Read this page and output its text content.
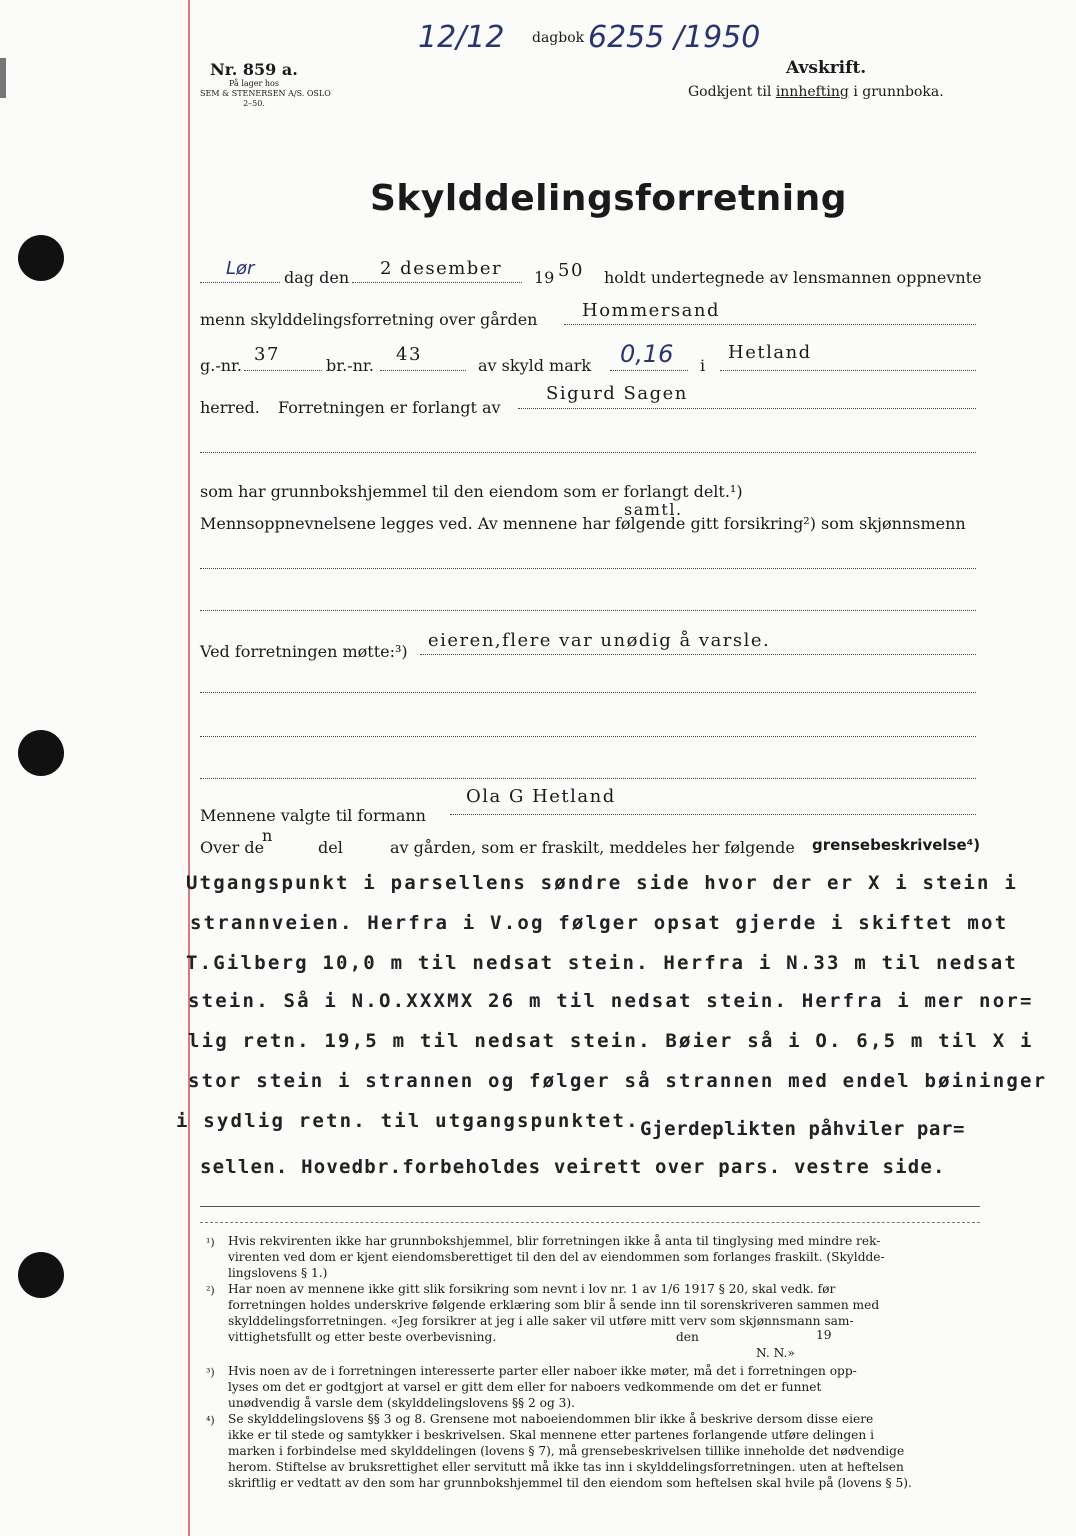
Nr. 859 a.
På lager hos
SEM & STENERSEN A/S. OSLO
2–50.
12/12 dagbok 6255 /1950
Avskrift.
Godkjent til innhefting i grunnboka.
Skylddelingsforretning
Lør dag den 2 desember 19 50 holdt undertegnede av lensmannen oppnevnte
menn skylddelingsforretning over gården Hommersand
g.-nr.
37
br.-nr.
43
av skyld mark 0,16 i
Hetland
herred. Forretningen er forlangt av
Sigurd Sagen
som har grunnbokshjemmel til den eiendom som er forlangt delt.¹)
samtl.
Mennsoppnevnelsene legges ved. Av mennene har følgende gitt forsikring²) som skjønnsmenn
Ved forretningen møtte:³)
eieren,flere var unødig å varsle.
Mennene valgte til formann
Ola G Hetland
Over de
n
del	av gården, som er fraskilt, meddeles her følgende grensebeskrivelse⁴)
Utgangspunkt i parsellens søndre side hvor der er X i stein i
strannveien. Herfra i V.og følger opsat gjerde i skiftet mot
T.Gilberg 10,0 m til nedsat stein. Herfra i N.33 m til nedsat
stein. Så i N.O.XXXMX 26 m til nedsat stein. Herfra i mer nor=
lig retn. 19,5 m til nedsat stein. Bøier så i O. 6,5 m til X i
stor stein i strannen og følger så strannen med endel bøininger
i sydlig retn. til utgangspunktet. Gjerdeplikten påhviler par=
sellen. Hovedbr.forbeholdes veirett over pars. vestre side.
¹) Hvis rekvirenten ikke har grunnbokshjemmel, blir forretningen ikke å anta til tinglysing med mindre rek-
virenten ved dom er kjent eiendomsberettiget til den del av eiendommen som forlanges fraskilt. (Skyldde-
lingslovens § 1.)
²) Har noen av mennene ikke gitt slik forsikring som nevnt i lov nr. 1 av 1/6 1917 § 20, skal vedk. før
forretningen holdes underskrive følgende erklæring som blir å sende inn til sorenskriveren sammen med
skylddelingsforretningen. «Jeg forsikrer at jeg i alle saker vil utføre mitt verv som skjønnsmann sam-
vittighetsfullt og etter beste overbevisning.	den	19
N. N.»
³) Hvis noen av de i forretningen interesserte parter eller naboer ikke møter, må det i forretningen opp-
lyses om det er godtgjort at varsel er gitt dem eller for naboers vedkommende om det er funnet
unødvendig å varsle dem (skylddelingslovens §§ 2 og 3).
⁴) Se skylddelingslovens §§ 3 og 8. Grensene mot naboeiendommen blir ikke å beskrive dersom disse eiere
ikke er til stede og samtykker i beskrivelsen. Skal mennene etter partenes forlangende utføre delingen i
marken i forbindelse med skylddelingen (lovens § 7), må grensebeskrivelsen tillike inneholde det nødvendige
herom. Stiftelse av bruksrettighet eller servitutt må ikke tas inn i skylddelingsforretningen. uten at heftelsen
skriftlig er vedtatt av den som har grunnbokshjemmel til den eiendom som heftelsen skal hvile på (lovens § 5).
